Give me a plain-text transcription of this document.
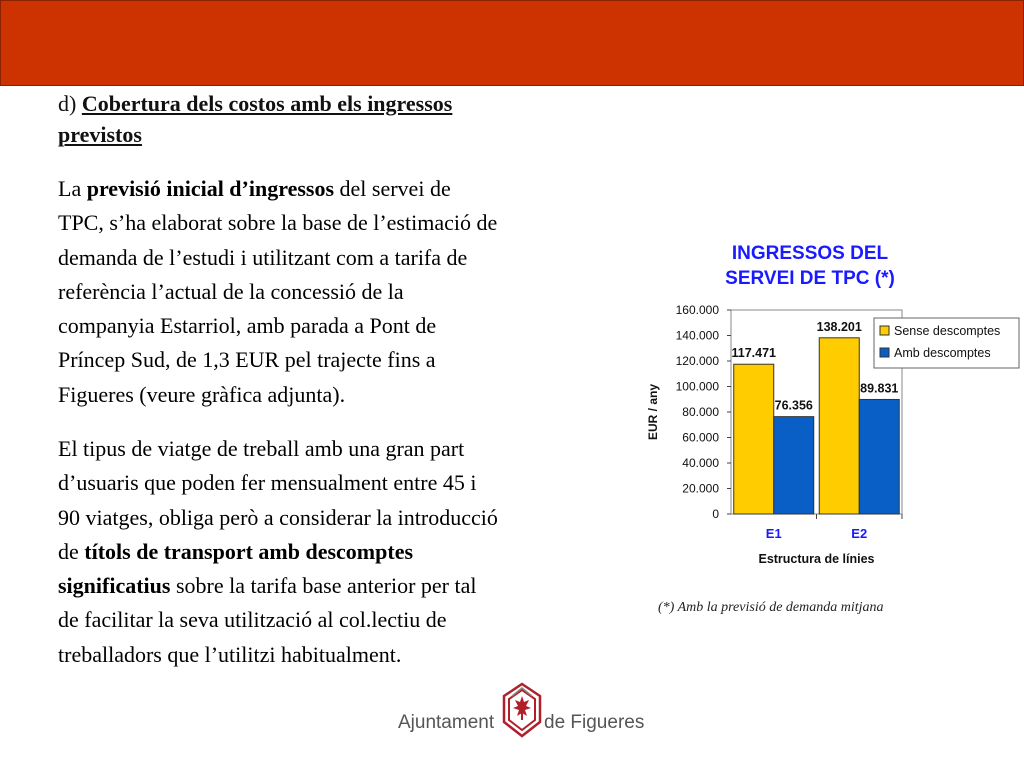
d) Cobertura dels costos amb els ingressos
previstos
La previsió inicial d’ingressos del servei de
TPC, s’ha elaborat sobre la base de l’estimació de
demanda de l’estudi i utilitzant com a tarifa de
referència l’actual de la concessió de la
companyia Estarriol, amb parada a Pont de
Príncep Sud, de 1,3 EUR pel trajecte fins a
Figueres (veure gràfica adjunta).
El tipus de viatge de treball amb una gran part
d’usuaris que poden fer mensualment entre 45 i
90 viatges, obliga però a considerar la introducció
de títols de transport amb descomptes
significatius sobre la tarifa base anterior per tal
de facilitar la seva utilització al col.lectiu de
treballadors que l’utilitzi habitualment.
INGRESSOS DEL
SERVEI DE TPC (*)
0
20.000
40.000
60.000
80.000
100.000
120.000
140.000
160.000
117.471
76.356
E1
138.201
89.831
E2
EUR / any
Estructura de línies
Sense descomptes
Amb descomptes
(*) Amb la previsió de demanda mitjana
Ajuntament	de Figueres
